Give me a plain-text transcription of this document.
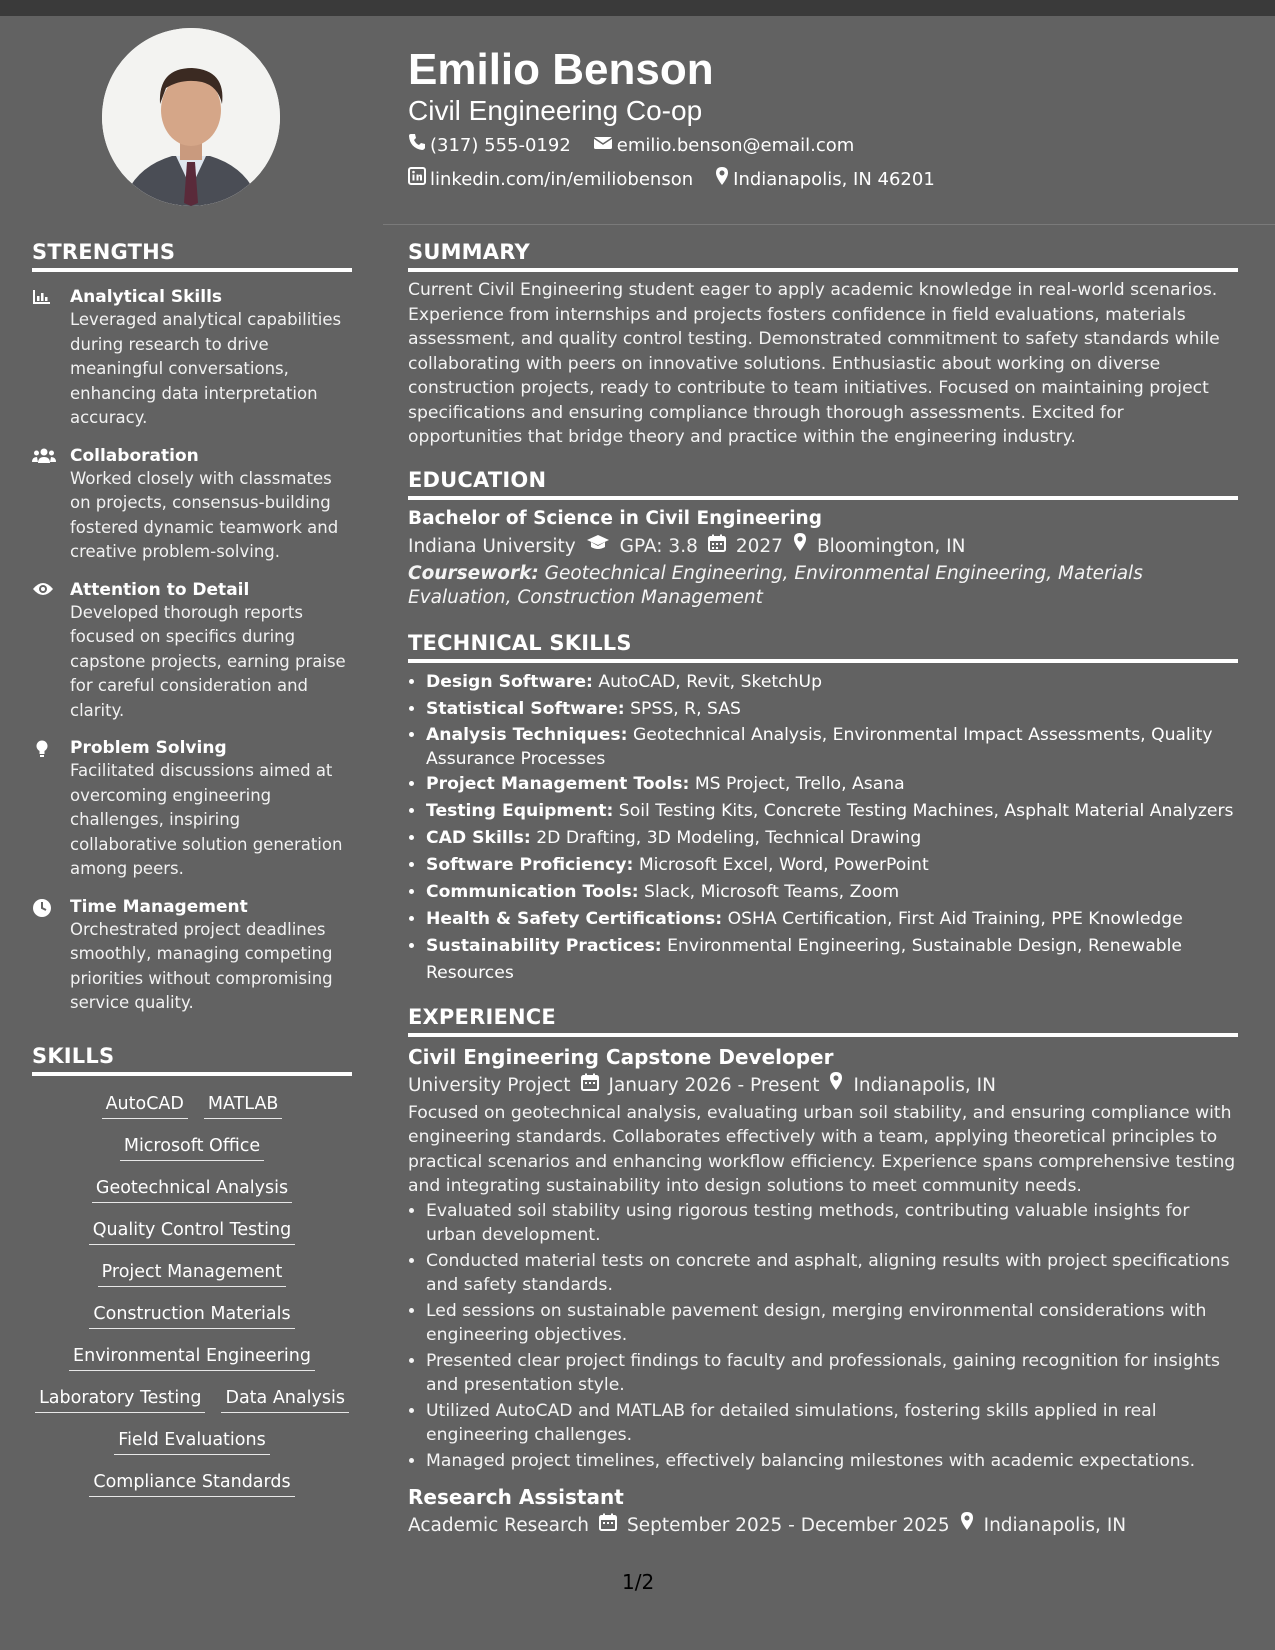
STRENGTHS
Analytical Skills
Leveraged analytical capabilities during research to drive meaningful conversations, enhancing data interpretation accuracy.
Collaboration
Worked closely with classmates on projects, consensus-building fostered dynamic teamwork and creative problem-solving.
Attention to Detail
Developed thorough reports focused on specifics during capstone projects, earning praise for careful consideration and clarity.
Problem Solving
Facilitated discussions aimed at overcoming engineering challenges, inspiring collaborative solution generation among peers.
Time Management
Orchestrated project deadlines smoothly, managing competing priorities without compromising service quality.
SKILLS
AutoCAD MATLAB
Microsoft Office
Geotechnical Analysis
Quality Control Testing
Project Management
Construction Materials
Environmental Engineering
Laboratory Testing Data Analysis
Field Evaluations
Compliance Standards
Emilio Benson
Civil Engineering Co-op
(317) 555-0192	emilio.benson@email.com
linkedin.com/in/emiliobenson Indianapolis, IN 46201
SUMMARY

Current Civil Engineering student eager to apply academic knowledge in real-world scenarios. Experience from internships and projects fosters confidence in field evaluations, materials assessment, and quality control testing. Demonstrated commitment to safety standards while collaborating with peers on innovative solutions. Enthusiastic about working on diverse construction projects, ready to contribute to team initiatives. Focused on maintaining project specifications and ensuring compliance through thorough assessments. Excited for opportunities that bridge theory and practice within the engineering industry.

EDUCATION
Bachelor of Science in Civil Engineering
Indiana University GPA: 3.8 2027 Bloomington, IN
Coursework: Geotechnical Engineering, Environmental Engineering, Materials Evaluation, Construction Management
TECHNICAL SKILLS
• Design Software: AutoCAD, Revit, SketchUp
• Statistical Software: SPSS, R, SAS
• Analysis Techniques: Geotechnical Analysis, Environmental Impact Assessments, Quality Assurance Processes
• Project Management Tools: MS Project, Trello, Asana
• Testing Equipment: Soil Testing Kits, Concrete Testing Machines, Asphalt Material Analyzers
• CAD Skills: 2D Drafting, 3D Modeling, Technical Drawing
• Software Proficiency: Microsoft Excel, Word, PowerPoint
• Communication Tools: Slack, Microsoft Teams, Zoom
• Health & Safety Certifications: OSHA Certification, First Aid Training, PPE Knowledge
• Sustainability Practices: Environmental Engineering, Sustainable Design, Renewable Resources
EXPERIENCE
Civil Engineering Capstone Developer
University Project January 2026 - Present Indianapolis, IN

Focused on geotechnical analysis, evaluating urban soil stability, and ensuring compliance with engineering standards. Collaborates effectively with a team, applying theoretical principles to practical scenarios and enhancing workflow efficiency. Experience spans comprehensive testing and integrating sustainability into design solutions to meet community needs.

• Evaluated soil stability using rigorous testing methods, contributing valuable insights for urban development.
• Conducted material tests on concrete and asphalt, aligning results with project specifications and safety standards.
• Led sessions on sustainable pavement design, merging environmental considerations with engineering objectives.
• Presented clear project findings to faculty and professionals, gaining recognition for insights and presentation style.
• Utilized AutoCAD and MATLAB for detailed simulations, fostering skills applied in real engineering challenges.
• Managed project timelines, effectively balancing milestones with academic expectations.
Research Assistant
Academic Research September 2025 - December 2025 Indianapolis, IN
1/2
